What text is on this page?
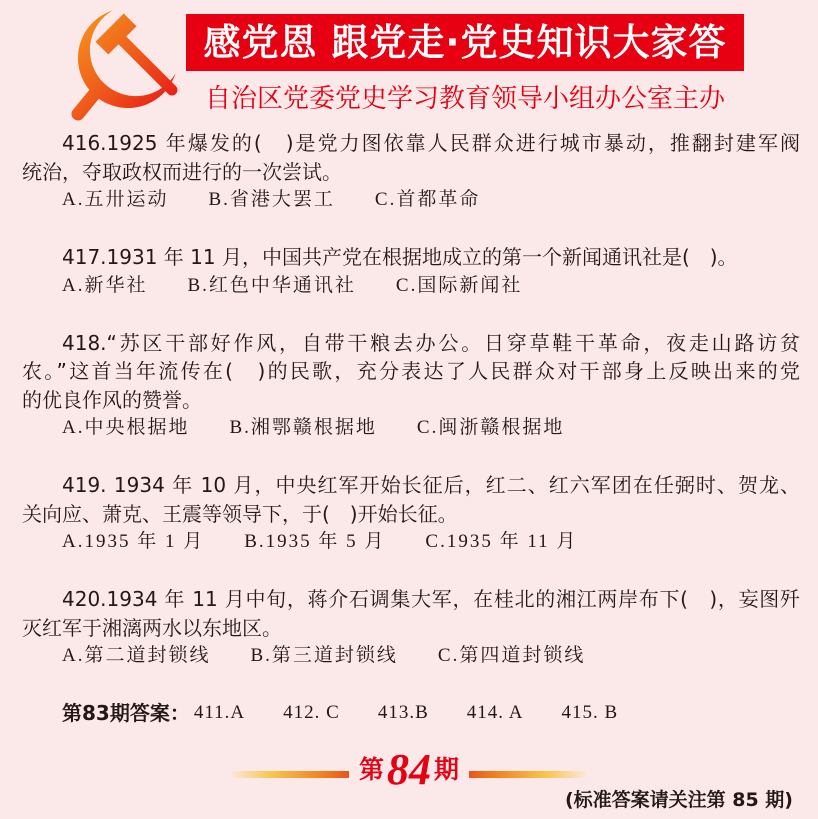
感党恩 跟党走·党史知识大家答
自治区党委党史学习教育领导小组办公室主办
416.1925 年爆发的(　)是党力图依靠人民群众进行城市暴动，推翻封建军阀
统治，夺取政权而进行的一次尝试。
A.五卅运动 B.省港大罢工 C.首都革命
417.1931 年 11 月，中国共产党在根据地成立的第一个新闻通讯社是(　)。
A.新华社 B.红色中华通讯社 C.国际新闻社
418.“苏区干部好作风，自带干粮去办公。日穿草鞋干革命，夜走山路访贫
农。”这首当年流传在(　)的民歌，充分表达了人民群众对干部身上反映出来的党
的优良作风的赞誉。
A.中央根据地 B.湘鄂赣根据地 C.闽浙赣根据地
419. 1934 年 10 月，中央红军开始长征后，红二、红六军团在任弼时、贺龙、
关向应、萧克、王震等领导下，于(　)开始长征。
A.1935 年 1 月 B.1935 年 5 月 C.1935 年 11 月
420.1934 年 11 月中旬，蒋介石调集大军，在桂北的湘江两岸布下(　)，妄图歼
灭红军于湘漓两水以东地区。
A.第二道封锁线 B.第三道封锁线 C.第四道封锁线
第83期答案： 411.A 412. C 413.B 414. A 415. B
第 84 期
(标准答案请关注第 85 期)
